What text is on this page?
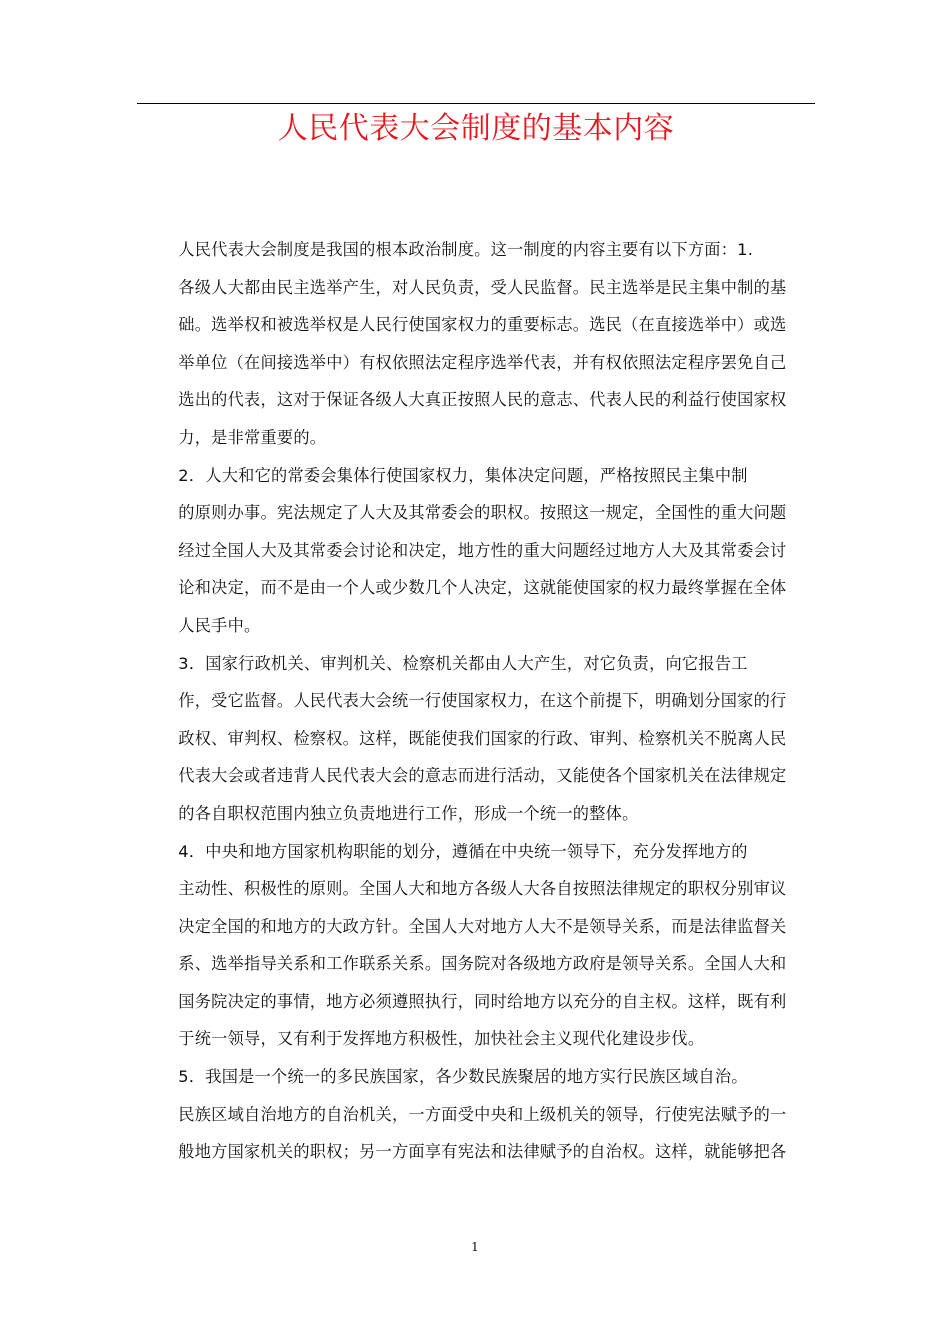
人民代表大会制度的基本内容

人民代表大会制度是我国的根本政治制度。这一制度的内容主要有以下方面：1.
各级人大都由民主选举产生，对人民负责，受人民监督。民主选举是民主集中制的基
础。选举权和被选举权是人民行使国家权力的重要标志。选民（在直接选举中）或选
举单位（在间接选举中）有权依照法定程序选举代表，并有权依照法定程序罢免自己
选出的代表，这对于保证各级人大真正按照人民的意志、代表人民的利益行使国家权
力，是非常重要的。

2．人大和它的常委会集体行使国家权力，集体决定问题，严格按照民主集中制
的原则办事。宪法规定了人大及其常委会的职权。按照这一规定，全国性的重大问题
经过全国人大及其常委会讨论和决定，地方性的重大问题经过地方人大及其常委会讨
论和决定，而不是由一个人或少数几个人决定，这就能使国家的权力最终掌握在全体
人民手中。

3．国家行政机关、审判机关、检察机关都由人大产生，对它负责，向它报告工
作，受它监督。人民代表大会统一行使国家权力，在这个前提下，明确划分国家的行
政权、审判权、检察权。这样，既能使我们国家的行政、审判、检察机关不脱离人民
代表大会或者违背人民代表大会的意志而进行活动，又能使各个国家机关在法律规定
的各自职权范围内独立负责地进行工作，形成一个统一的整体。

4．中央和地方国家机构职能的划分，遵循在中央统一领导下，充分发挥地方的
主动性、积极性的原则。全国人大和地方各级人大各自按照法律规定的职权分别审议
决定全国的和地方的大政方针。全国人大对地方人大不是领导关系，而是法律监督关
系、选举指导关系和工作联系关系。国务院对各级地方政府是领导关系。全国人大和
国务院决定的事情，地方必须遵照执行，同时给地方以充分的自主权。这样，既有利
于统一领导，又有利于发挥地方积极性，加快社会主义现代化建设步伐。

5．我国是一个统一的多民族国家，各少数民族聚居的地方实行民族区域自治。
民族区域自治地方的自治机关，一方面受中央和上级机关的领导，行使宪法赋予的一
般地方国家机关的职权；另一方面享有宪法和法律赋予的自治权。这样，就能够把各

1
